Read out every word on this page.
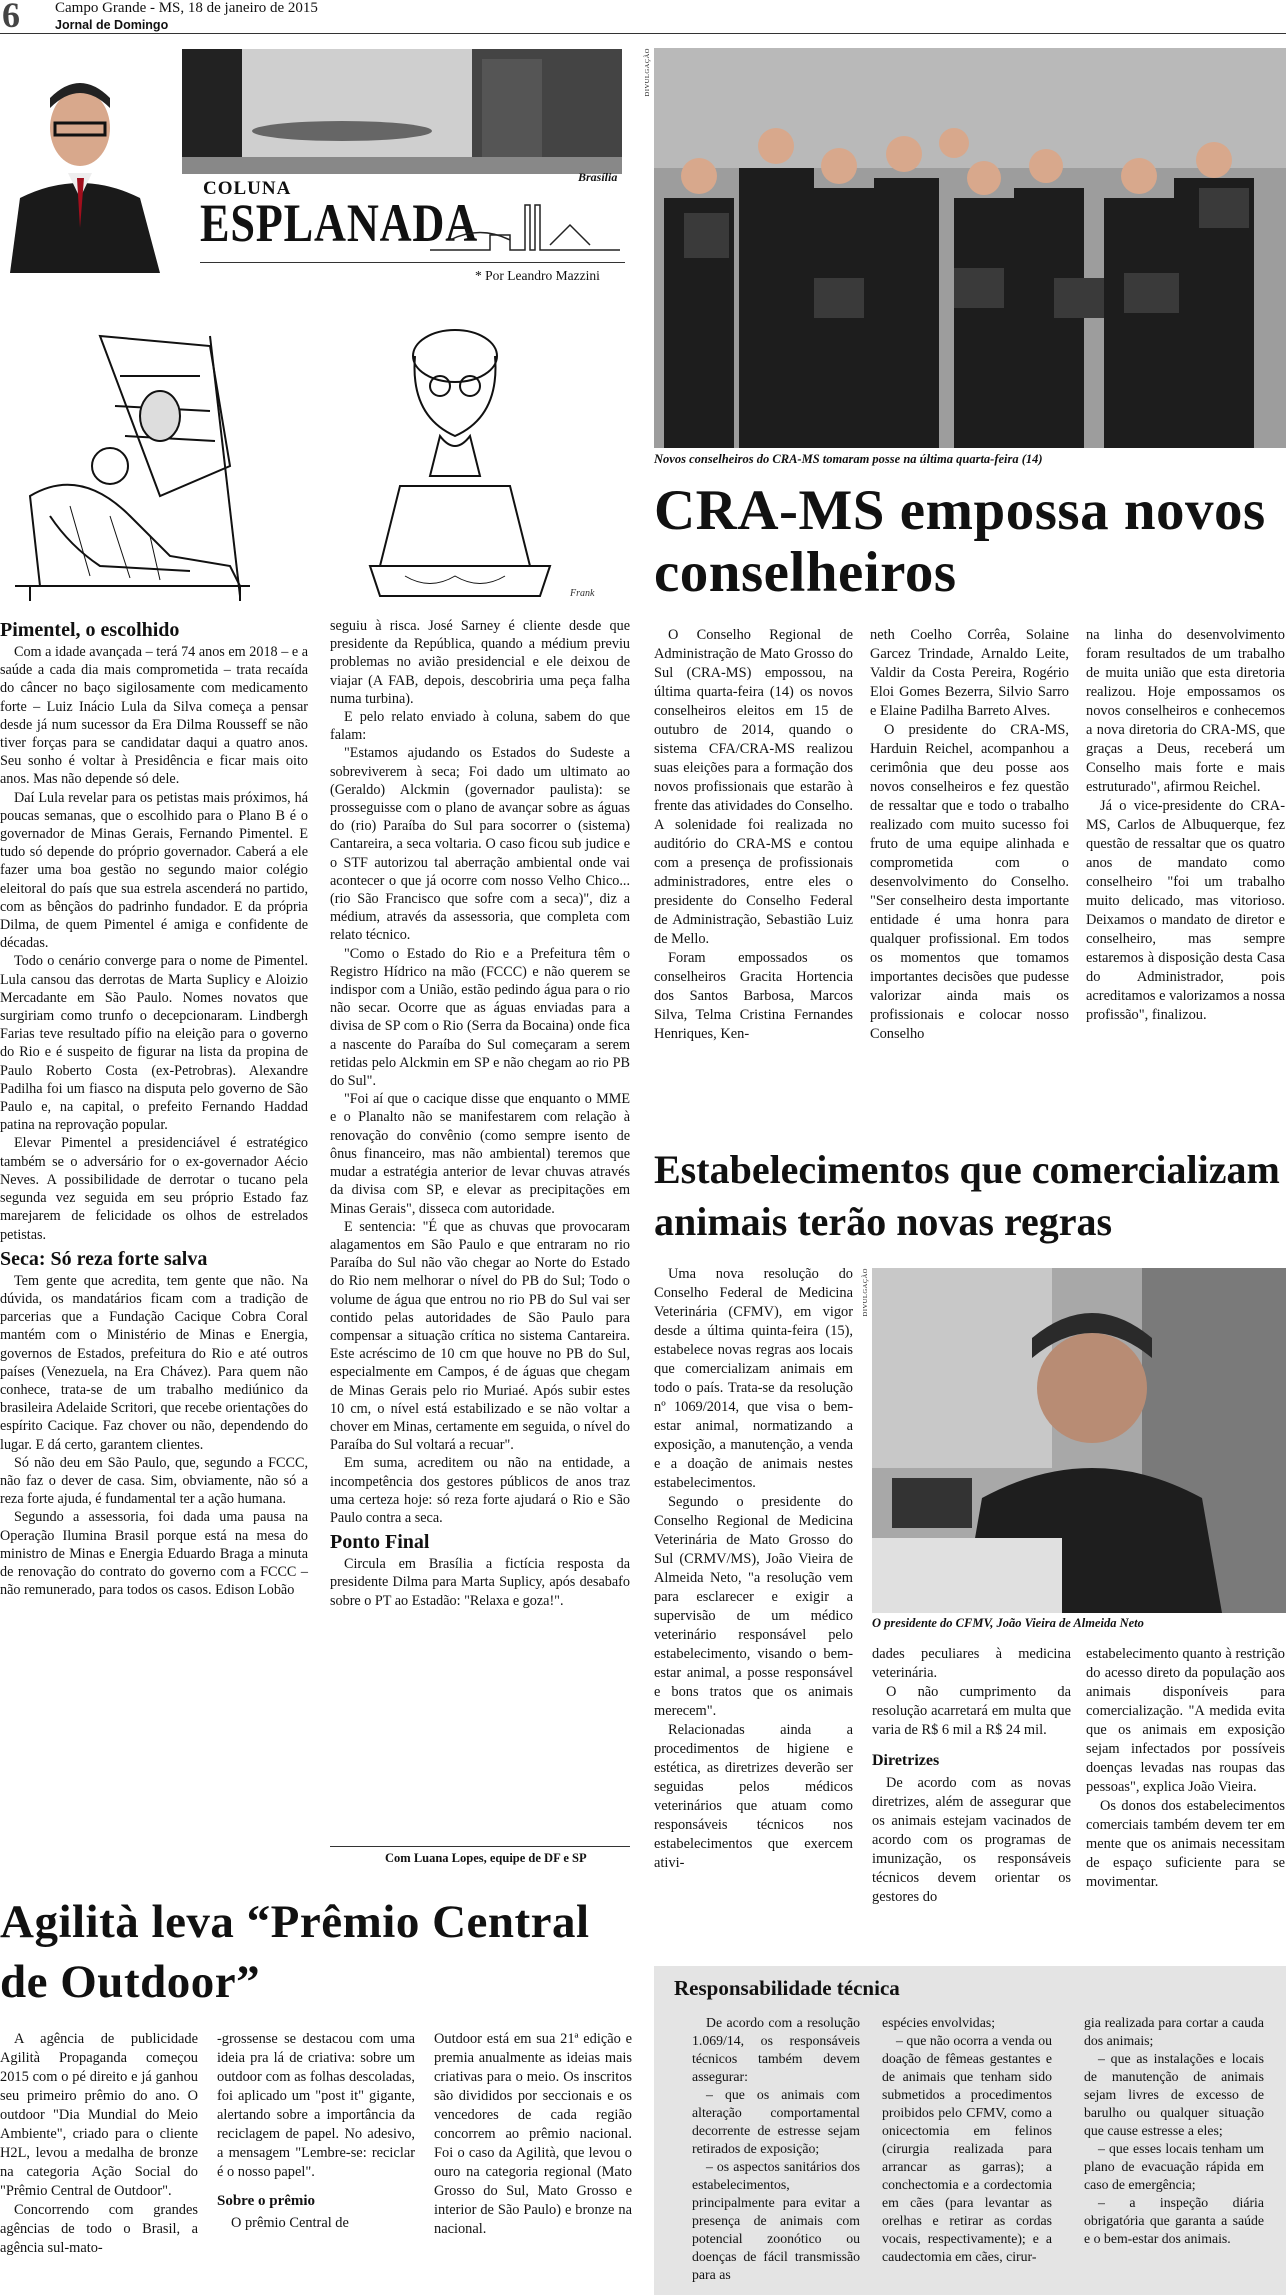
6 Campo Grande - MS, 18 de janeiro de 2015
Jornal de Domingo
Brasília
COLUNA
ESPLANADA
* Por Leandro Mazzini
Frank
DIVULGAÇÃO
Novos conselheiros do CRA-MS tomaram posse na última quarta-feira (14)
CRA-MS empossa novos
conselheiros

O Conselho Regional de Administração de Mato Grosso do Sul (CRA-MS) empossou, na última quarta-feira (14) os novos conselheiros eleitos em 15 de outubro de 2014, quando o sistema CFA/CRA-MS realizou suas eleições para a formação dos novos profissionais que estarão à frente das atividades do Conselho. A solenidade foi realizada no auditório do CRA-MS e contou com a presença de profissionais administradores, entre eles o presidente do Conselho Federal de Administração, Sebastião Luiz de Mello.

Foram empossados os conselheiros Gracita Hortencia dos Santos Barbosa, Marcos Silva, Telma Cristina Fernandes Henriques, Ken-

neth Coelho Corrêa, Solaine Garcez Trindade, Arnaldo Leite, Valdir da Costa Pereira, Rogério Eloi Gomes Bezerra, Silvio Sarro e Elaine Padilha Barreto Alves.

O presidente do CRA-MS, Harduin Reichel, acompanhou a cerimônia que deu posse aos novos conselheiros e fez questão de ressaltar que e todo o trabalho realizado com muito sucesso foi fruto de uma equipe alinhada e comprometida com o desenvolvimento do Conselho. "Ser conselheiro desta importante entidade é uma honra para qualquer profissional. Em todos os momentos que tomamos importantes decisões que pudesse valorizar ainda mais os profissionais e colocar nosso Conselho

na linha do desenvolvimento foram resultados de um trabalho de muita união que esta diretoria realizou. Hoje empossamos os novos conselheiros e conhecemos a nova diretoria do CRA-MS, que graças a Deus, receberá um Conselho mais forte e mais estruturado", afirmou Reichel.

Já o vice-presidente do CRA-MS, Carlos de Albuquerque, fez questão de ressaltar que os quatro anos de mandato como conselheiro "foi um trabalho muito delicado, mas vitorioso. Deixamos o mandato de diretor e conselheiro, mas sempre estaremos à disposição desta Casa do Administrador, pois acreditamos e valorizamos a nossa profissão", finalizou.

Estabelecimentos que comercializam
animais terão novas regras

Uma nova resolução do Conselho Federal de Medicina Veterinária (CFMV), em vigor desde a última quinta-feira (15), estabelece novas regras aos locais que comercializam animais em todo o país. Trata-se da resolução nº 1069/2014, que visa o bem-estar animal, normatizando a exposição, a manutenção, a venda e a doação de animais nestes estabelecimentos.

Segundo o presidente do Conselho Regional de Medicina Veterinária de Mato Grosso do Sul (CRMV/MS), João Vieira de Almeida Neto, "a resolução vem para esclarecer e exigir a supervisão de um médico veterinário responsável pelo estabelecimento, visando o bem-estar animal, a posse responsável e bons tratos que os animais merecem".

Relacionadas ainda a procedimentos de higiene e estética, as diretrizes deverão ser seguidas pelos médicos veterinários que atuam como responsáveis técnicos nos estabelecimentos que exercem ativi-

DIVULGAÇÃO
O presidente do CFMV, João Vieira de Almeida Neto

dades peculiares à medicina veterinária.

O não cumprimento da resolução acarretará em multa que varia de R$ 6 mil a R$ 24 mil.

Diretrizes

De acordo com as novas diretrizes, além de assegurar que os animais estejam vacinados de acordo com os programas de imunização, os responsáveis técnicos devem orientar os gestores do

estabelecimento quanto à restrição do acesso direto da população aos animais disponíveis para comercialização. "A medida evita que os animais em exposição sejam infectados por possíveis doenças levadas nas roupas das pessoas", explica João Vieira.

Os donos dos estabelecimentos comerciais também devem ter em mente que os animais necessitam de espaço suficiente para se movimentar.

Responsabilidade técnica

De acordo com a resolução 1.069/14, os responsáveis técnicos também devem assegurar:

– que os animais com alteração comportamental decorrente de estresse sejam retirados de exposição;

– os aspectos sanitários dos estabelecimentos, principalmente para evitar a presença de animais com potencial zoonótico ou doenças de fácil transmissão para as

espécies envolvidas;

– que não ocorra a venda ou doação de fêmeas gestantes e de animais que tenham sido submetidos a procedimentos proibidos pelo CFMV, como a onicectomia em felinos (cirurgia realizada para arrancar as garras); a conchectomia e a cordectomia em cães (para levantar as orelhas e retirar as cordas vocais, respectivamente); e a caudectomia em cães, cirur-

gia realizada para cortar a cauda dos animais;

– que as instalações e locais de manutenção de animais sejam livres de excesso de barulho ou qualquer situação que cause estresse a eles;

– que esses locais tenham um plano de evacuação rápida em caso de emergência;

– a inspeção diária obrigatória que garanta a saúde e o bem-estar dos animais.

Pimentel, o escolhido

Com a idade avançada – terá 74 anos em 2018 – e a saúde a cada dia mais comprometida – trata recaída do câncer no baço sigilosamente com medicamento forte – Luiz Inácio Lula da Silva começa a pensar desde já num sucessor da Era Dilma Rousseff se não tiver forças para se candidatar daqui a quatro anos. Seu sonho é voltar à Presidência e ficar mais oito anos. Mas não depende só dele.

Daí Lula revelar para os petistas mais próximos, há poucas semanas, que o escolhido para o Plano B é o governador de Minas Gerais, Fernando Pimentel. E tudo só depende do próprio governador. Caberá a ele fazer uma boa gestão no segundo maior colégio eleitoral do país que sua estrela ascenderá no partido, com as bênçãos do padrinho fundador. E da própria Dilma, de quem Pimentel é amiga e confidente de décadas.

Todo o cenário converge para o nome de Pimentel. Lula cansou das derrotas de Marta Suplicy e Aloizio Mercadante em São Paulo. Nomes novatos que surgiriam como trunfo o decepcionaram. Lindbergh Farias teve resultado pífio na eleição para o governo do Rio e é suspeito de figurar na lista da propina de Paulo Roberto Costa (ex-Petrobras). Alexandre Padilha foi um fiasco na disputa pelo governo de São Paulo e, na capital, o prefeito Fernando Haddad patina na reprovação popular.

Elevar Pimentel a presidenciável é estratégico também se o adversário for o ex-governador Aécio Neves. A possibilidade de derrotar o tucano pela segunda vez seguida em seu próprio Estado faz marejarem de felicidade os olhos de estrelados petistas.

Seca: Só reza forte salva

Tem gente que acredita, tem gente que não. Na dúvida, os mandatários ficam com a tradição de parcerias que a Fundação Cacique Cobra Coral mantém com o Ministério de Minas e Energia, governos de Estados, prefeitura do Rio e até outros países (Venezuela, na Era Chávez). Para quem não conhece, trata-se de um trabalho mediúnico da brasileira Adelaide Scritori, que recebe orientações do espírito Cacique. Faz chover ou não, dependendo do lugar. E dá certo, garantem clientes.

Só não deu em São Paulo, que, segundo a FCCC, não faz o dever de casa. Sim, obviamente, não só a reza forte ajuda, é fundamental ter a ação humana.

Segundo a assessoria, foi dada uma pausa na Operação Ilumina Brasil porque está na mesa do ministro de Minas e Energia Eduardo Braga a minuta de renovação do contrato do governo com a FCCC – não remunerado, para todos os casos. Edison Lobão

seguiu à risca. José Sarney é cliente desde que presidente da República, quando a médium previu problemas no avião presidencial e ele deixou de viajar (A FAB, depois, descobriria uma peça falha numa turbina).

E pelo relato enviado à coluna, sabem do que falam:

"Estamos ajudando os Estados do Sudeste a sobreviverem à seca; Foi dado um ultimato ao (Geraldo) Alckmin (governador paulista): se prosseguisse com o plano de avançar sobre as águas do (rio) Paraíba do Sul para socorrer o (sistema) Cantareira, a seca voltaria. O caso ficou sub judice e o STF autorizou tal aberração ambiental onde vai acontecer o que já ocorre com nosso Velho Chico... (rio São Francisco que sofre com a seca)", diz a médium, através da assessoria, que completa com relato técnico.

"Como o Estado do Rio e a Prefeitura têm o Registro Hídrico na mão (FCCC) e não querem se indispor com a União, estão pedindo água para o rio não secar. Ocorre que as águas enviadas para a divisa de SP com o Rio (Serra da Bocaina) onde fica a nascente do Paraíba do Sul começaram a serem retidas pelo Alckmin em SP e não chegam ao rio PB do Sul".

"Foi aí que o cacique disse que enquanto o MME e o Planalto não se manifestarem com relação à renovação do convênio (como sempre isento de ônus financeiro, mas não ambiental) teremos que mudar a estratégia anterior de levar chuvas através da divisa com SP, e elevar as precipitações em Minas Gerais", disseca com autoridade.

E sentencia: "É que as chuvas que provocaram alagamentos em São Paulo e que entraram no rio Paraíba do Sul não vão chegar ao Norte do Estado do Rio nem melhorar o nível do PB do Sul; Todo o volume de água que entrou no rio PB do Sul vai ser contido pelas autoridades de São Paulo para compensar a situação crítica no sistema Cantareira. Este acréscimo de 10 cm que houve no PB do Sul, especialmente em Campos, é de águas que chegam de Minas Gerais pelo rio Muriaé. Após subir estes 10 cm, o nível está estabilizado e se não voltar a chover em Minas, certamente em seguida, o nível do Paraíba do Sul voltará a recuar".

Em suma, acreditem ou não na entidade, a incompetência dos gestores públicos de anos traz uma certeza hoje: só reza forte ajudará o Rio e São Paulo contra a seca.

Ponto Final

Circula em Brasília a fictícia resposta da presidente Dilma para Marta Suplicy, após desabafo sobre o PT ao Estadão: "Relaxa e goza!".

Com Luana Lopes, equipe de DF e SP
Agilità leva “Prêmio Central
de Outdoor”

A agência de publicidade Agilità Propaganda começou 2015 com o pé direito e já ganhou seu primeiro prêmio do ano. O outdoor "Dia Mundial do Meio Ambiente", criado para o cliente H2L, levou a medalha de bronze na categoria Ação Social do "Prêmio Central de Outdoor".

Concorrendo com grandes agências de todo o Brasil, a agência sul-mato-

-grossense se destacou com uma ideia pra lá de criativa: sobre um outdoor com as folhas descoladas, foi aplicado um "post it" gigante, alertando sobre a importância da reciclagem de papel. No adesivo, a mensagem "Lembre-se: reciclar é o nosso papel".

Sobre o prêmio

O prêmio Central de

Outdoor está em sua 21ª edição e premia anualmente as ideias mais criativas para o meio. Os inscritos são divididos por seccionais e os vencedores de cada região concorrem ao prêmio nacional. Foi o caso da Agilità, que levou o ouro na categoria regional (Mato Grosso do Sul, Mato Grosso e interior de São Paulo) e bronze na nacional.
